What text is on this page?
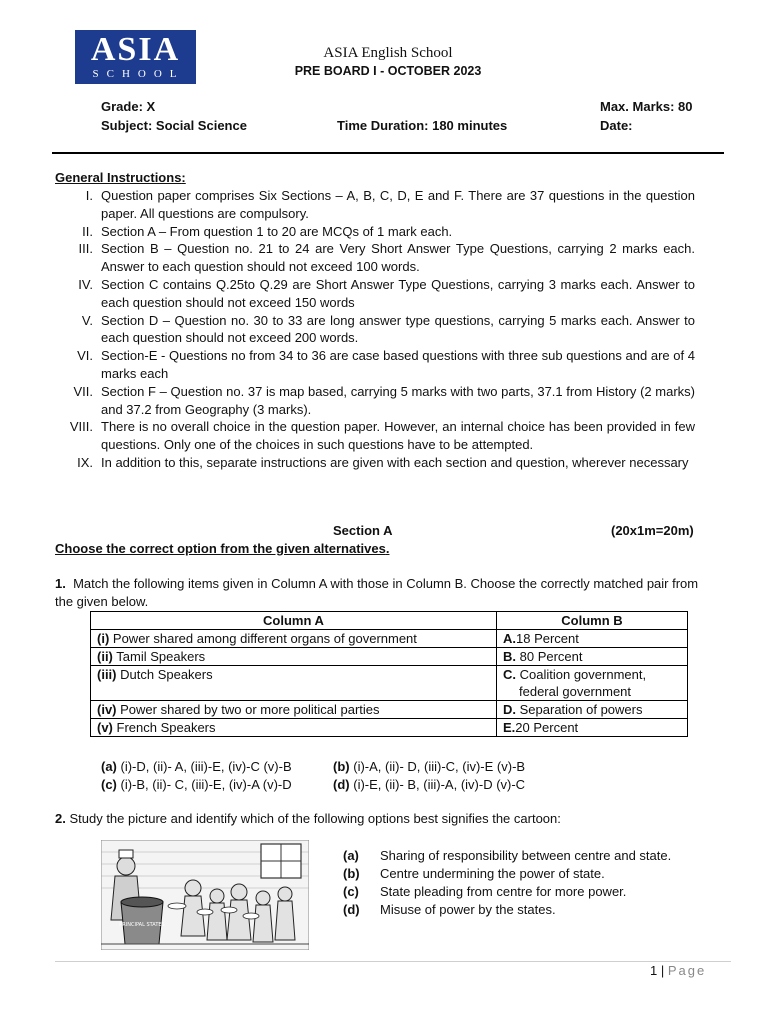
ASIA
SCHOOL
ASIA English School
PRE BOARD I - OCTOBER 2023
Grade: X	Max. Marks: 80
Subject: Social Science	Time Duration: 180 minutes	Date:
General Instructions:
I. Question paper comprises Six Sections – A, B, C, D, E and F. There are 37 questions in the question paper. All questions are compulsory.
II. Section A – From question 1 to 20 are MCQs of 1 mark each.
III. Section B – Question no. 21 to 24 are Very Short Answer Type Questions, carrying 2 marks each. Answer to each question should not exceed 100 words.
IV. Section C contains Q.25to Q.29 are Short Answer Type Questions, carrying 3 marks each. Answer to each question should not exceed 150 words
V. Section D – Question no. 30 to 33 are long answer type questions, carrying 5 marks each. Answer to each question should not exceed 200 words.
VI. Section-E - Questions no from 34 to 36 are case based questions with three sub questions and are of 4 marks each
VII. Section F – Question no. 37 is map based, carrying 5 marks with two parts, 37.1 from History (2 marks) and 37.2 from Geography (3 marks).
VIII. There is no overall choice in the question paper. However, an internal choice has been provided in few questions. Only one of the choices in such questions have to be attempted.
IX. In addition to this, separate instructions are given with each section and question, wherever necessary
Section A	(20x1m=20m)
Choose the correct option from the given alternatives.
1. Match the following items given in Column A with those in Column B. Choose the correctly matched pair from the given below.
Column A	Column B
(i) Power shared among different organs of government	A.18 Percent
(ii) Tamil Speakers	B. 80 Percent
(iii) Dutch Speakers	C. Coalition government,
federal government
(iv) Power shared by two or more political parties	D. Separation of powers
(v) French Speakers	E.20 Percent
(a) (i)-D, (ii)- A, (iii)-E, (iv)-C (v)-B	(b) (i)-A, (ii)- D, (iii)-C, (iv)-E (v)-B
(c) (i)-B, (ii)- C, (iii)-E, (iv)-A (v)-D	(d) (i)-E, (ii)- B, (iii)-A, (iv)-D (v)-C
2. Study the picture and identify which of the following options best signifies the cartoon:
PRINCIPAL STATES
(a) Sharing of responsibility between centre and state.
(b) Centre undermining the power of state.
(c) State pleading from centre for more power.
(d) Misuse of power by the states.
1 | Page
